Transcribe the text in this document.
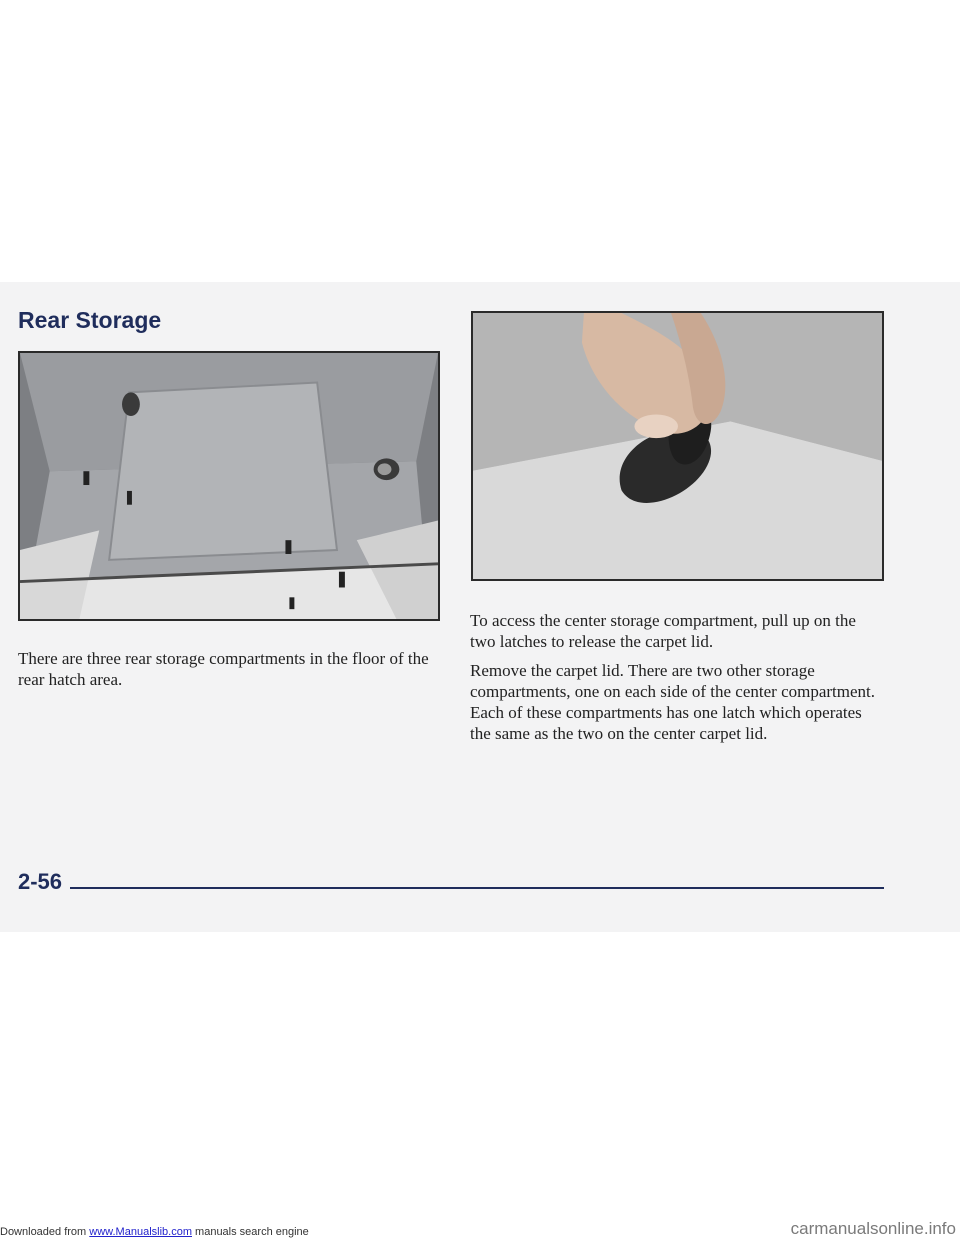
Rear Storage

There are three rear storage compartments in the floor of the rear hatch area.

To access the center storage compartment, pull up on the two latches to release the carpet lid.

Remove the carpet lid. There are two other storage compartments, one on each side of the center compartment. Each of these compartments has one latch which operates the same as the two on the center carpet lid.

2-56
Downloaded from www.Manualslib.com manuals search engine	carmanualsonline.info
